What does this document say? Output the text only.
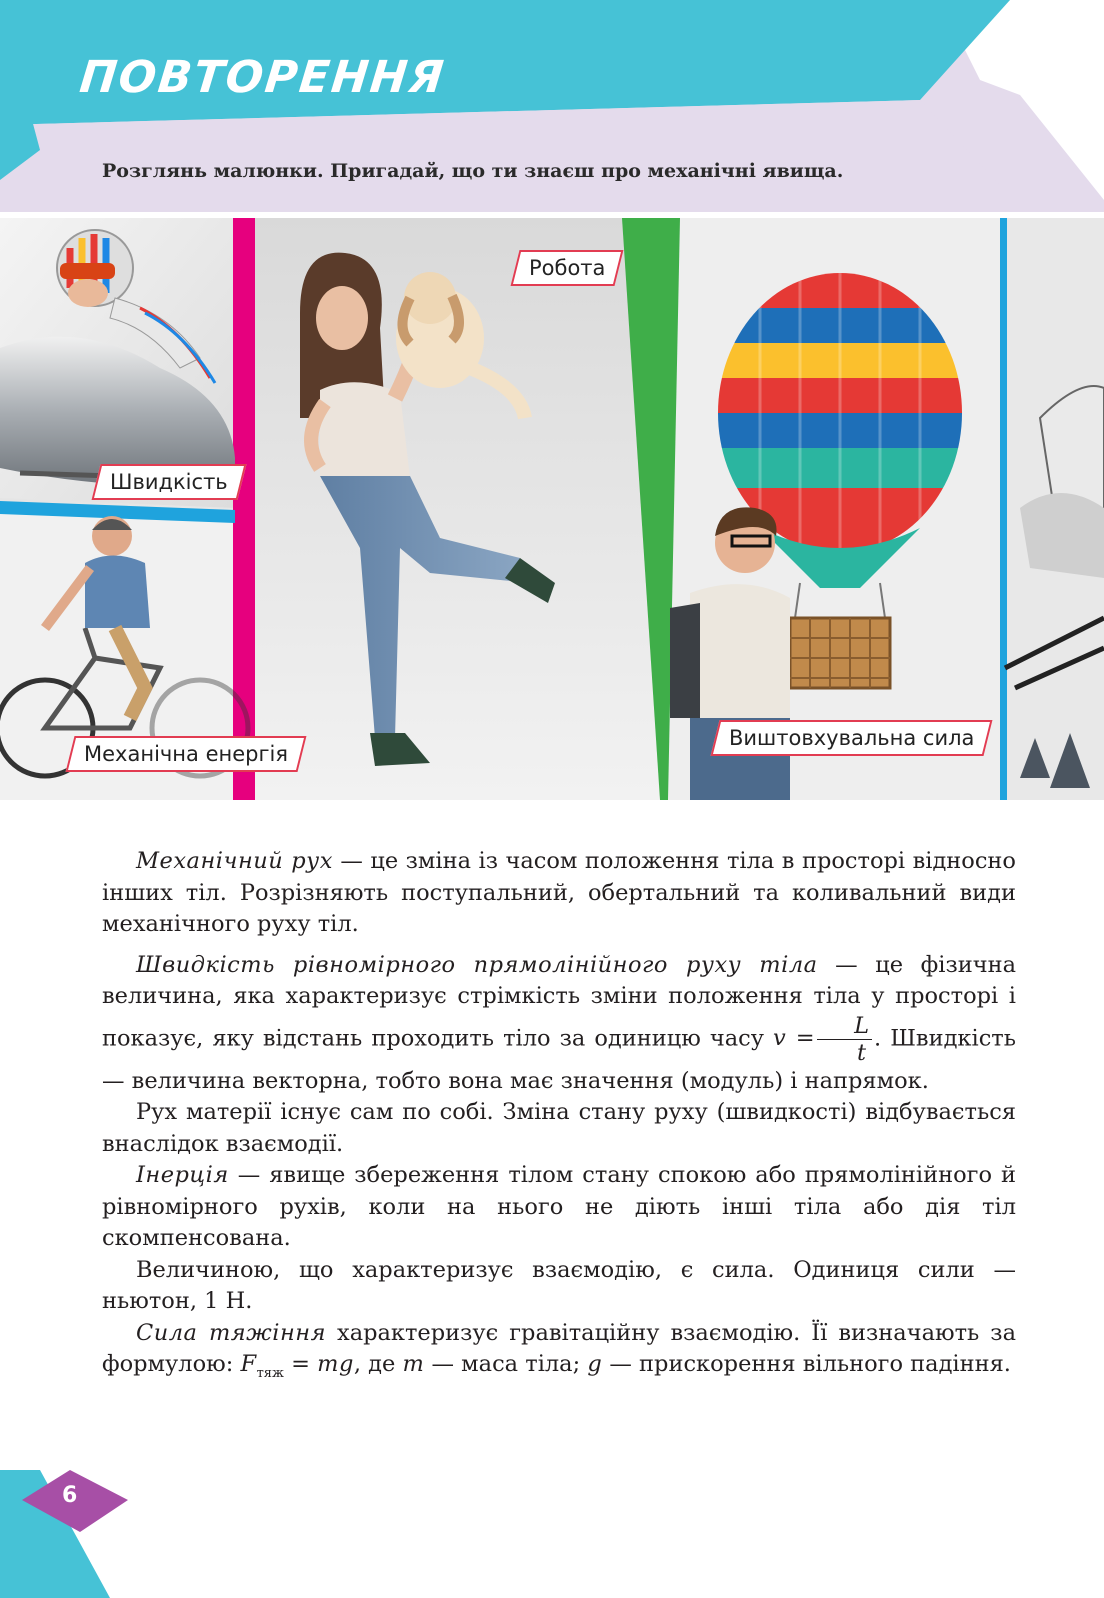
ПОВТОРЕННЯ
Розглянь малюнки. Пригадай, що ти знаєш про механічні явища.
Швидкість
Робота
Механічна енергія
Виштовхувальна сила

Механічний рух — це зміна із часом положення тіла в просторі відносно інших тіл. Розрізняють поступальний, обертальний та коливальний види механічного руху тіл.

Швидкість рівномірного прямолінійного руху тіла — це фізична величина, яка характеризує стрімкість зміни положення тіла у просторі і показує, яку відстань проходить тіло за одиницю часу $v = \frac{L}{t}$ . Швидкість — величина векторна, тобто вона має значення (модуль) і напрямок.

Рух матерії існує сам по собі. Зміна стану руху (швидкості) відбувається внаслідок взаємодії.

Інерція — явище збереження тілом стану спокою або прямолінійного й рівномірного рухів, коли на нього не діють інші тіла або дія тіл скомпенсована.

Величиною, що характеризує взаємодію, є сила. Одиниця сили — ньютон, 1 Н.

Сила тяжіння характеризує гравітаційну взаємодію. Її визначають за формулою: $F_{тяж}$ = mg, де m — маса тіла; g — прискорення вільного падіння.

6
